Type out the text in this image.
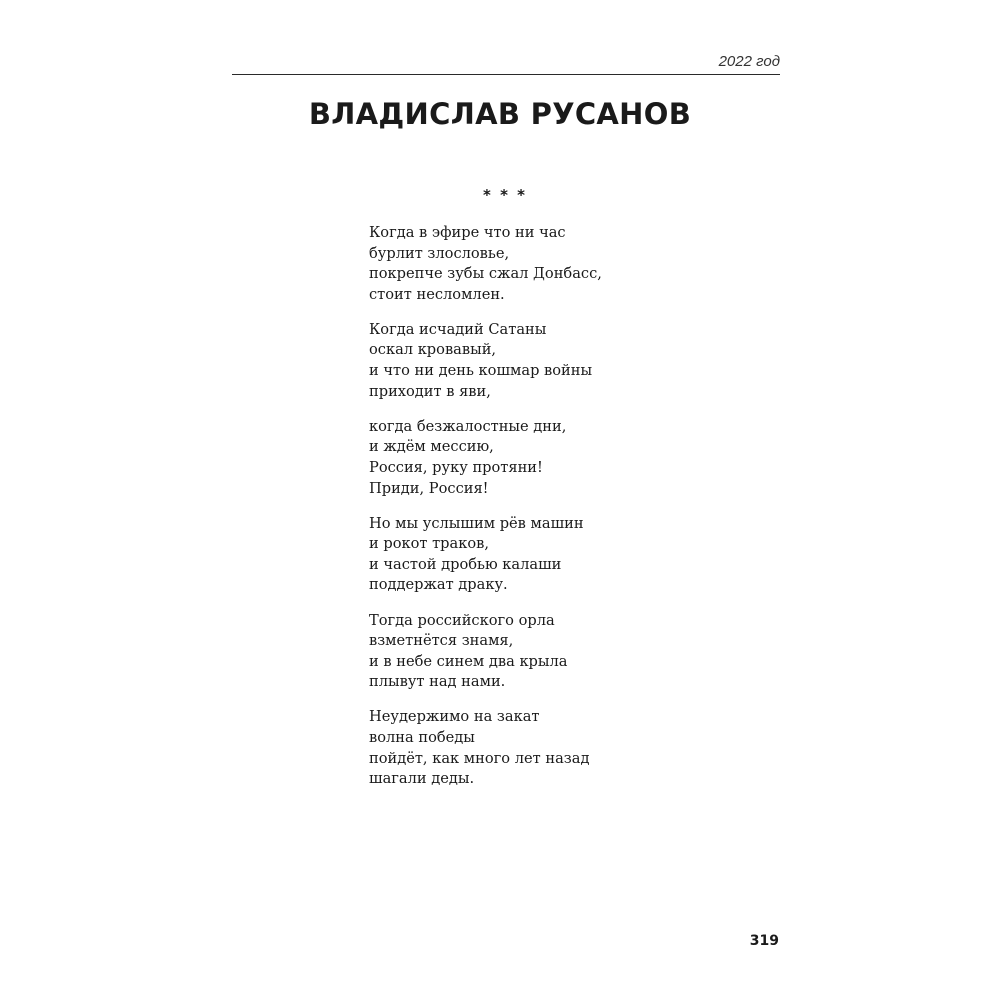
2022 год
ВЛАДИСЛАВ РУСАНОВ
* * *
Когда в эфире что ни час
бурлит злословье,
покрепче зубы сжал Донбасс,
стоит несломлен.
Когда исчадий Сатаны
оскал кровавый,
и что ни день кошмар войны
приходит в яви,
когда безжалостные дни,
и ждём мессию,
Россия, руку протяни!
Приди, Россия!
Но мы услышим рёв машин
и рокот траков,
и частой дробью калаши
поддержат драку.
Тогда российского орла
взметнётся знамя,
и в небе синем два крыла
плывут над нами.
Неудержимо на закат
волна победы
пойдёт, как много лет назад
шагали деды.
319
